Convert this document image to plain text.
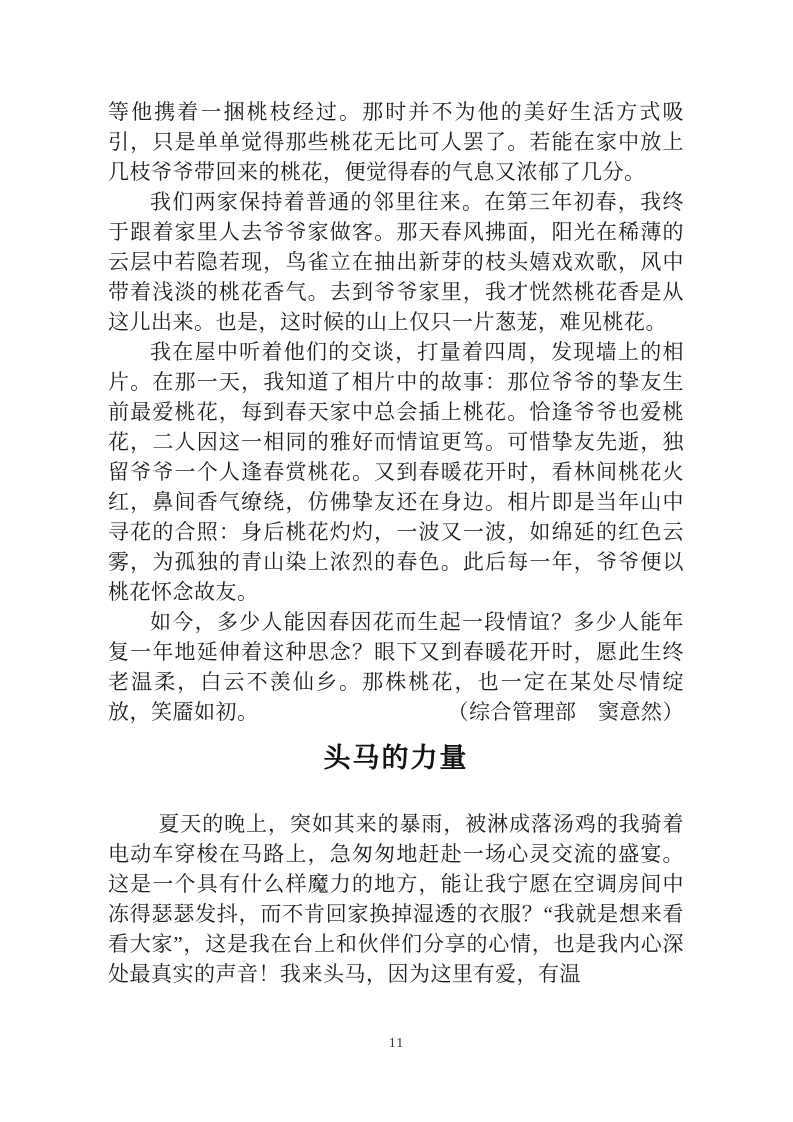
等他携着一捆桃枝经过。那时并不为他的美好生活方式吸引，只是单单觉得那些桃花无比可人罢了。若能在家中放上几枝爷爷带回来的桃花，便觉得春的气息又浓郁了几分。

我们两家保持着普通的邻里往来。在第三年初春，我终于跟着家里人去爷爷家做客。那天春风拂面，阳光在稀薄的云层中若隐若现，鸟雀立在抽出新芽的枝头嬉戏欢歌，风中带着浅淡的桃花香气。去到爷爷家里，我才恍然桃花香是从这儿出来。也是，这时候的山上仅只一片葱茏，难见桃花。

我在屋中听着他们的交谈，打量着四周，发现墙上的相片。在那一天，我知道了相片中的故事：那位爷爷的挚友生前最爱桃花，每到春天家中总会插上桃花。恰逢爷爷也爱桃花，二人因这一相同的雅好而情谊更笃。可惜挚友先逝，独留爷爷一个人逢春赏桃花。又到春暖花开时，看林间桃花火红，鼻间香气缭绕，仿佛挚友还在身边。相片即是当年山中寻花的合照：身后桃花灼灼，一波又一波，如绵延的红色云雾，为孤独的青山染上浓烈的春色。此后每一年，爷爷便以桃花怀念故友。

如今，多少人能因春因花而生起一段情谊？多少人能年复一年地延伸着这种思念？眼下又到春暖花开时，愿此生终老温柔，白云不羡仙乡。那株桃花，也一定在某处尽情绽放，笑靥如初。	（综合管理部　窦意然）

头马的力量

夏天的晚上，突如其来的暴雨，被淋成落汤鸡的我骑着电动车穿梭在马路上，急匆匆地赶赴一场心灵交流的盛宴。这是一个具有什么样魔力的地方，能让我宁愿在空调房间中冻得瑟瑟发抖，而不肯回家换掉湿透的衣服？“我就是想来看看大家”，这是我在台上和伙伴们分享的心情，也是我内心深处最真实的声音！我来头马，因为这里有爱，有温

11
